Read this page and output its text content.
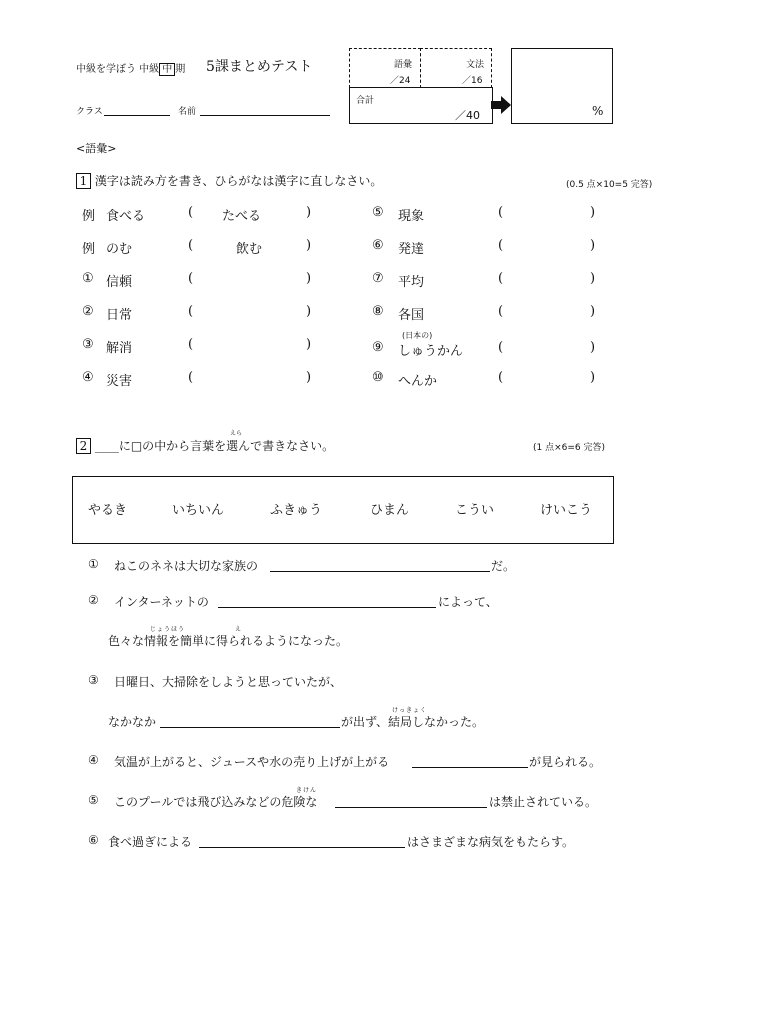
中級を学ぼう 中級 中 期 5課まとめテスト
クラス	名前
語彙
／24
文法
／16
合計
／40	%
<語彙>
1 漢字は読み方を書き、ひらがなは漢字に直しなさい。	(0.5 点×10=5 完答)
例 食べる	( たべる	)
例 のむ	(	飲む	)
① 信頼	(	)
② 日常	(	)
③ 解消	(	)
④ 災害	(	)
⑤ 現象	(	)
⑥ 発達	(	)
⑦ 平均	(	)
⑧ 各国	(	)
(日本の)
⑨ しゅうかん	(	)
⑩ へんか	(	)
えら
2 ____に□の中から言葉を選んで書きなさい。	(1 点×6=6 完答)
やるき	いちいん	ふきゅう	ひまん	こうい	けいこう
① ねこのネネは大切な家族の	だ。
② インターネットの	によって、
じょうほう	え
色々な情報を簡単に得られるようになった。
③ 日曜日、大掃除をしようと思っていたが、
なかなか
けっきょく
が出ず、結局しなかった。
④ 気温が上がると、ジュースや水の売り上げが上がる	が見られる。
きけん
⑤ このプールでは飛び込みなどの危険な	は禁止されている。
⑥ 食べ過ぎによる	はさまざまな病気をもたらす。
